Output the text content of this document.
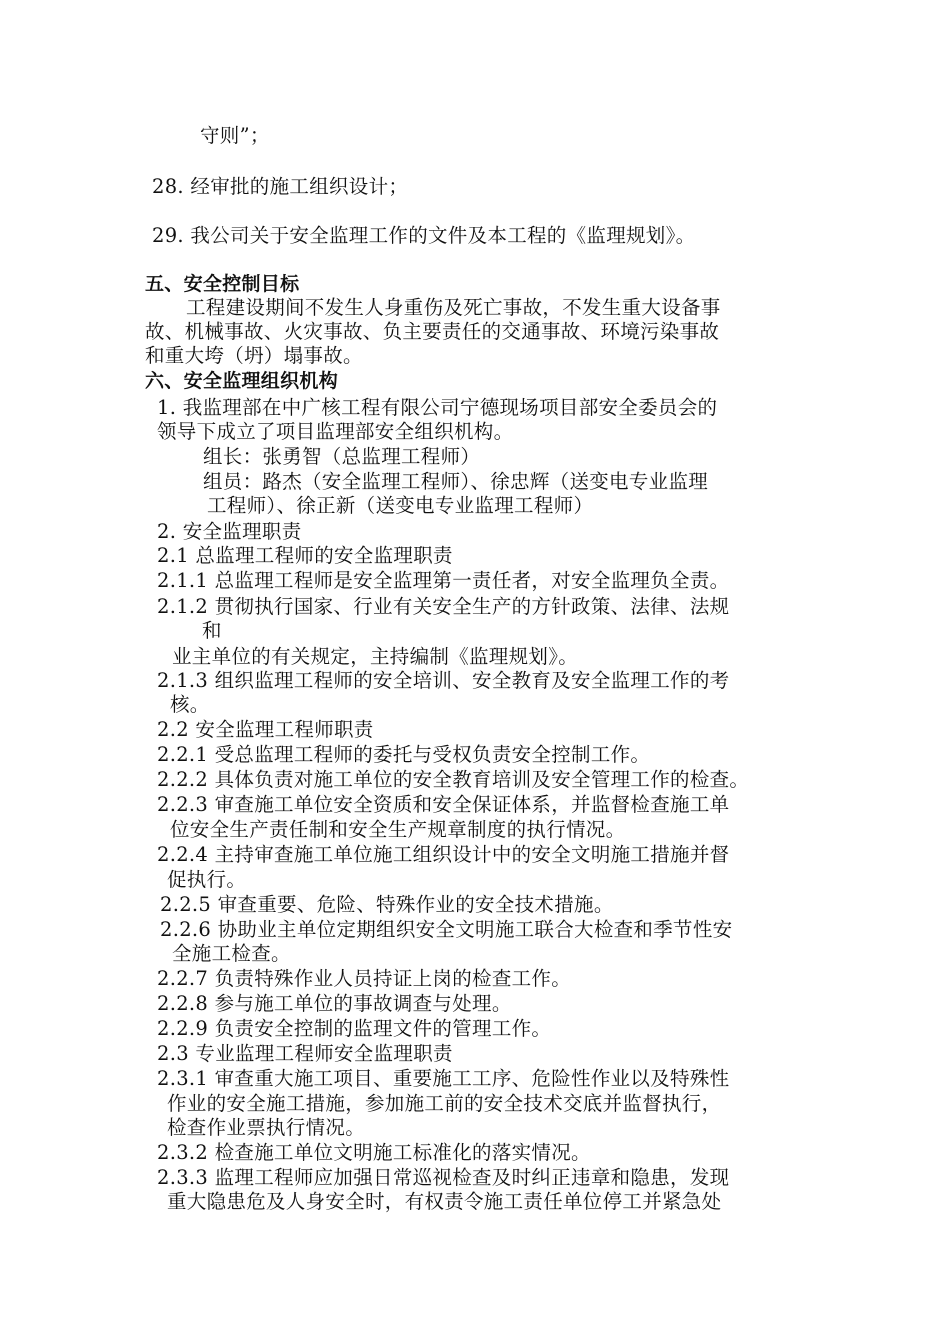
守则”；
28. 经审批的施工组织设计；
29. 我公司关于安全监理工作的文件及本工程的《监理规划》。
五、安全控制目标
工程建设期间不发生人身重伤及死亡事故，不发生重大设备事
故、机械事故、火灾事故、负主要责任的交通事故、环境污染事故
和重大垮（坍）塌事故。
六、安全监理组织机构
1. 我监理部在中广核工程有限公司宁德现场项目部安全委员会的
领导下成立了项目监理部安全组织机构。
组长：张勇智（总监理工程师）
组员：路杰（安全监理工程师）、徐忠辉（送变电专业监理
工程师）、徐正新（送变电专业监理工程师）
2. 安全监理职责
2.1 总监理工程师的安全监理职责
2.1.1 总监理工程师是安全监理第一责任者，对安全监理负全责。
2.1.2 贯彻执行国家、行业有关安全生产的方针政策、法律、法规
和
业主单位的有关规定，主持编制《监理规划》。
2.1.3 组织监理工程师的安全培训、安全教育及安全监理工作的考
核。
2.2 安全监理工程师职责
2.2.1 受总监理工程师的委托与受权负责安全控制工作。
2.2.2 具体负责对施工单位的安全教育培训及安全管理工作的检查。
2.2.3 审查施工单位安全资质和安全保证体系，并监督检查施工单
位安全生产责任制和安全生产规章制度的执行情况。
2.2.4 主持审查施工单位施工组织设计中的安全文明施工措施并督
促执行。
2.2.5 审查重要、危险、特殊作业的安全技术措施。
2.2.6 协助业主单位定期组织安全文明施工联合大检查和季节性安
全施工检查。
2.2.7 负责特殊作业人员持证上岗的检查工作。
2.2.8 参与施工单位的事故调查与处理。
2.2.9 负责安全控制的监理文件的管理工作。
2.3 专业监理工程师安全监理职责
2.3.1 审查重大施工项目、重要施工工序、危险性作业以及特殊性
作业的安全施工措施，参加施工前的安全技术交底并监督执行，
检查作业票执行情况。
2.3.2 检查施工单位文明施工标准化的落实情况。
2.3.3 监理工程师应加强日常巡视检查及时纠正违章和隐患，发现
重大隐患危及人身安全时，有权责令施工责任单位停工并紧急处
